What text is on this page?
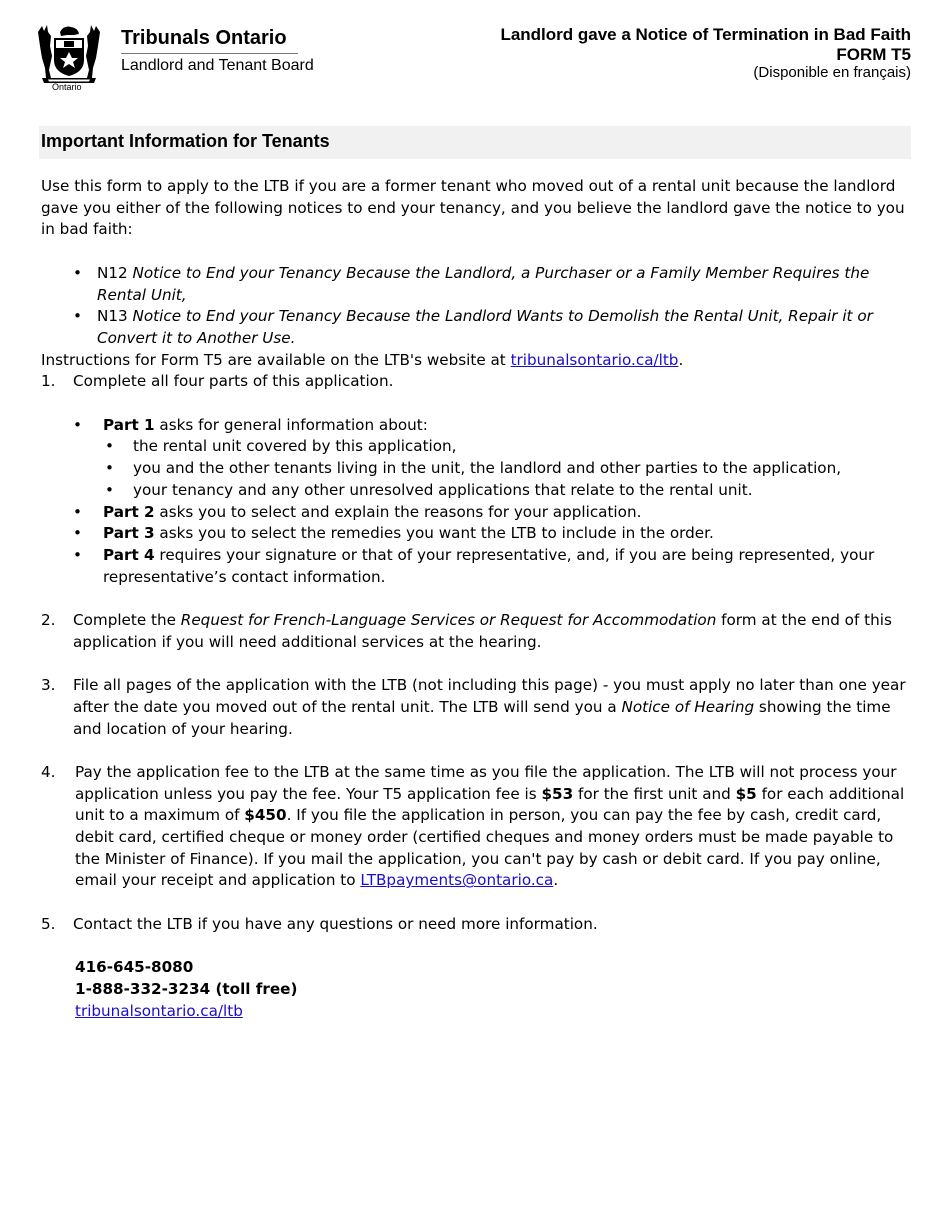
Ontario
Tribunals Ontario
Landlord and Tenant Board
Landlord gave a Notice of Termination in Bad Faith
FORM T5
(Disponible en français)
Important Information for Tenants

Use this form to apply to the LTB if you are a former tenant who moved out of a rental unit because the landlord gave you either of the following notices to end your tenancy, and you believe the landlord gave the notice to you in bad faith:

• N12 Notice to End your Tenancy Because the Landlord, a Purchaser or a Family Member Requires the Rental Unit,
• N13 Notice to End your Tenancy Because the Landlord Wants to Demolish the Rental Unit, Repair it or Convert it to Another Use.

Instructions for Form T5 are available on the LTB's website at tribunalsontario.ca/ltb.

1. Complete all four parts of this application.

• Part 1 asks for general information about:
• the rental unit covered by this application,
• you and the other tenants living in the unit, the landlord and other parties to the application,
• your tenancy and any other unresolved applications that relate to the rental unit.
• Part 2 asks you to select and explain the reasons for your application.
• Part 3 asks you to select the remedies you want the LTB to include in the order.
• Part 4 requires your signature or that of your representative, and, if you are being represented, your representative’s contact information.
2. Complete the Request for French-Language Services or Request for Accommodation form at the end of this application if you will need additional services at the hearing.
3. File all pages of the application with the LTB (not including this page) - you must apply no later than one year after the date you moved out of the rental unit. The LTB will send you a Notice of Hearing showing the time and location of your hearing.
4. Pay the application fee to the LTB at the same time as you file the application. The LTB will not process your application unless you pay the fee. Your T5 application fee is $53 for the first unit and $5 for each additional unit to a maximum of $450. If you file the application in person, you can pay the fee by cash, credit card, debit card, certified cheque or money order (certified cheques and money orders must be made payable to the Minister of Finance). If you mail the application, you can't pay by cash or debit card. If you pay online, email your receipt and application to LTBpayments@ontario.ca.
5. Contact the LTB if you have any questions or need more information.
416-645-8080
1-888-332-3234 (toll free)
tribunalsontario.ca/ltb
